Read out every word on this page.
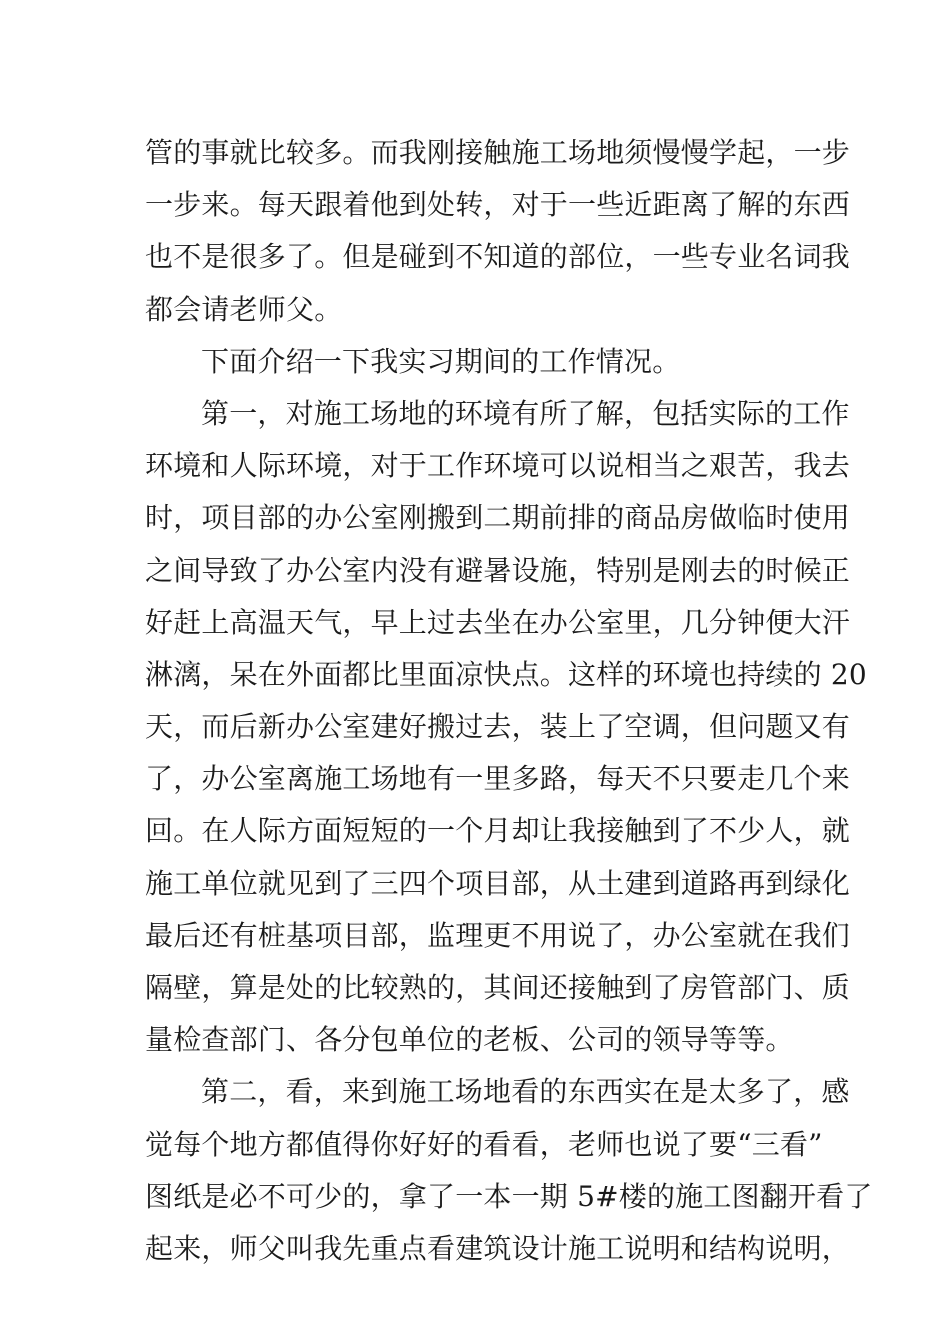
管的事就比较多。而我刚接触施工场地须慢慢学起，一步
一步来。每天跟着他到处转，对于一些近距离了解的东西
也不是很多了。但是碰到不知道的部位，一些专业名词我
都会请老师父。
下面介绍一下我实习期间的工作情况。
第一，对施工场地的环境有所了解，包括实际的工作
环境和人际环境，对于工作环境可以说相当之艰苦，我去
时，项目部的办公室刚搬到二期前排的商品房做临时使用
之间导致了办公室内没有避暑设施，特别是刚去的时候正
好赶上高温天气，早上过去坐在办公室里，几分钟便大汗
淋漓，呆在外面都比里面凉快点。这样的环境也持续的 20
天，而后新办公室建好搬过去，装上了空调，但问题又有
了，办公室离施工场地有一里多路，每天不只要走几个来
回。在人际方面短短的一个月却让我接触到了不少人，就
施工单位就见到了三四个项目部，从土建到道路再到绿化
最后还有桩基项目部，监理更不用说了，办公室就在我们
隔壁，算是处的比较熟的，其间还接触到了房管部门、质
量检查部门、各分包单位的老板、公司的领导等等。
第二，看，来到施工场地看的东西实在是太多了，感
觉每个地方都值得你好好的看看，老师也说了要“三看”
图纸是必不可少的，拿了一本一期 5#楼的施工图翻开看了
起来，师父叫我先重点看建筑设计施工说明和结构说明，
